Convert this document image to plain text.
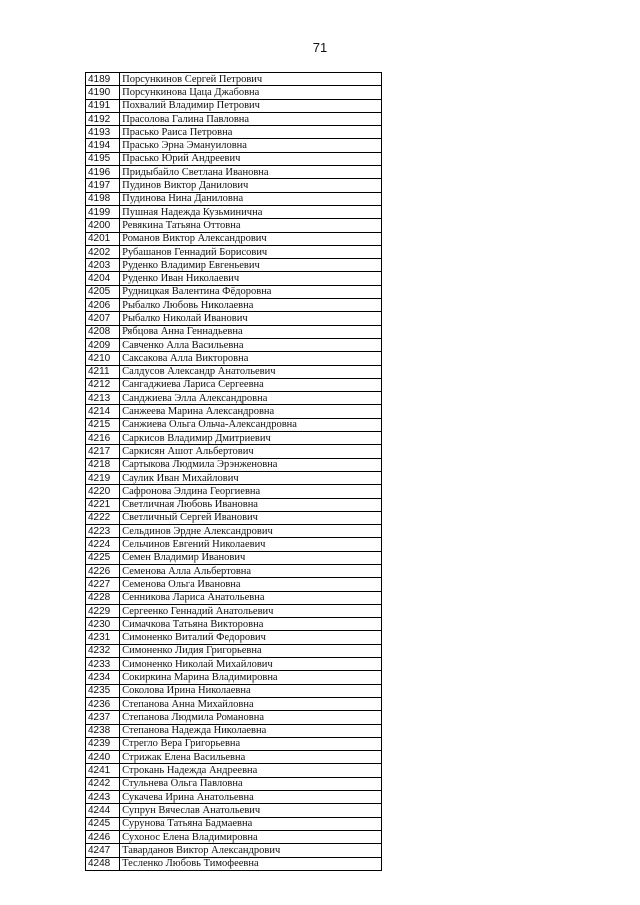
71
4189	Порсункинов Сергей Петрович
4190	Порсункинова Цаца Джабовна
4191	Похвалий Владимир Петрович
4192	Прасолова Галина Павловна
4193	Прасько Раиса Петровна
4194	Прасько Эрна Эмануиловна
4195	Прасько Юрий Андреевич
4196	Придыбайло Светлана Ивановна
4197	Пудинов Виктор Данилович
4198	Пудинова Нина Даниловна
4199	Пушная Надежда Кузьминична
4200	Ревякина Татьяна Оттовна
4201	Романов Виктор Александрович
4202	Рубашанов Геннадий Борисович
4203	Руденко Владимир Евгеньевич
4204	Руденко Иван Николаевич
4205	Рудницкая Валентина Фёдоровна
4206	Рыбалко Любовь Николаевна
4207	Рыбалко Николай Иванович
4208	Рябцова Анна Геннадьевна
4209	Савченко Алла Васильевна
4210	Саксакова Алла Викторовна
4211	Салдусов Александр Анатольевич
4212	Сангаджиева Лариса Сергеевна
4213	Санджиева Элла Александровна
4214	Санжеева Марина Александровна
4215	Санжиева Ольга Ольча-Александровна
4216	Саркисов Владимир Дмитриевич
4217	Саркисян Ашот Альбертович
4218	Сартыкова Людмила Эрэнженовна
4219	Саулик Иван Михайлович
4220	Сафронова Элдина Георгиевна
4221	Светличная Любовь Ивановна
4222	Светличный Сергей Иванович
4223	Сельдинов Эрдне Александрович
4224	Сельчинов Евгений Николаевич
4225	Семен Владимир Иванович
4226	Семенова Алла Альбертовна
4227	Семенова Ольга Ивановна
4228	Сенникова Лариса Анатольевна
4229	Сергеенко Геннадий Анатольевич
4230	Симачкова Татьяна Викторовна
4231	Симоненко Виталий Федорович
4232	Симоненко Лидия Григорьевна
4233	Симоненко Николай Михайлович
4234	Сокиркина Марина Владимировна
4235	Соколова Ирина Николаевна
4236	Степанова Анна Михайловна
4237	Степанова Людмила Романовна
4238	Степанова Надежда Николаевна
4239	Стрегло Вера Григорьевна
4240	Стрижак Елена Васильевна
4241	Строкань Надежда Андреевна
4242	Стульнева Ольга Павловна
4243	Сукачева Ирина Анатольевна
4244	Супрун Вячеслав Анатольевич
4245	Сурунова Татьяна Бадмаевна
4246	Сухонос Елена Владимировна
4247	Таварданов Виктор Александрович
4248	Тесленко Любовь Тимофеевна
